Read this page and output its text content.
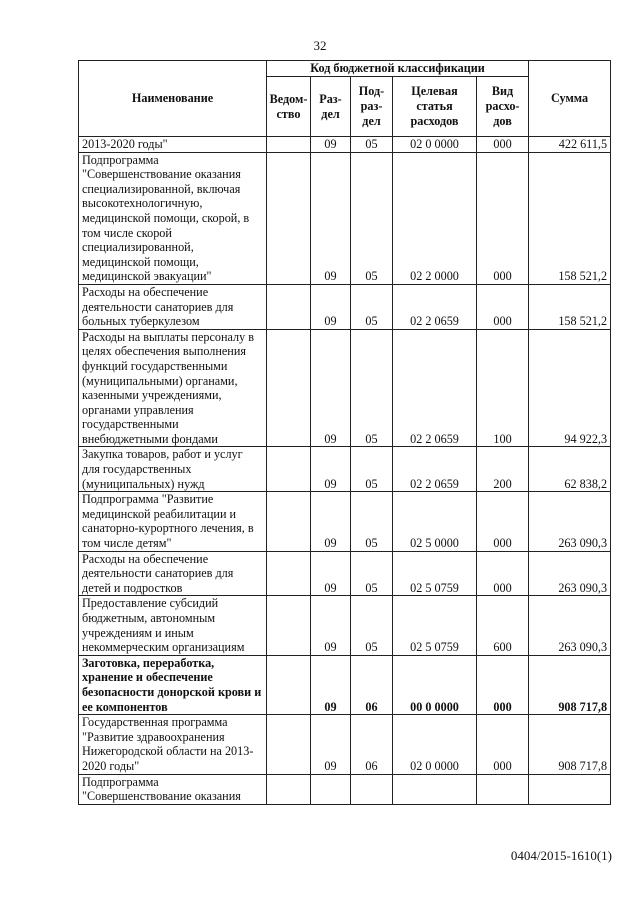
32
Наименование	Код бюджетной классификации					Сумма
	Ведом-ство	Раз-дел	Под-раз-дел	Целевая статья расходов	Вид расхо-дов	
2013-2020 годы"		09	05	02 0 0000	000	422 611,5
Подпрограмма "Совершенствование оказания специализированной, включая высокотехнологичную, медицинской помощи, скорой, в том числе скорой специализированной, медицинской помощи, медицинской эвакуации"		09	05	02 2 0000	000	158 521,2
Расходы на обеспечение деятельности санаториев для больных туберкулезом		09	05	02 2 0659	000	158 521,2
Расходы на выплаты персоналу в целях обеспечения выполнения функций государственными (муниципальными) органами, казенными учреждениями, органами управления государственными внебюджетными фондами		09	05	02 2 0659	100	94 922,3
Закупка товаров, работ и услуг для государственных (муниципальных) нужд		09	05	02 2 0659	200	62 838,2
Подпрограмма "Развитие медицинской реабилитации и санаторно-курортного лечения, в том числе детям"		09	05	02 5 0000	000	263 090,3
Расходы на обеспечение деятельности санаториев для детей и подростков		09	05	02 5 0759	000	263 090,3
Предоставление субсидий бюджетным, автономным учреждениям и иным некоммерческим организациям		09	05	02 5 0759	600	263 090,3
Заготовка, переработка, хранение и обеспечение безопасности донорской крови и ее компонентов		09	06	00 0 0000	000	908 717,8
Государственная программа "Развитие здравоохранения Нижегородской области на 2013-2020 годы"		09	06	02 0 0000	000	908 717,8
Подпрограмма "Совершенствование оказания						
0404/2015-1610(1)
